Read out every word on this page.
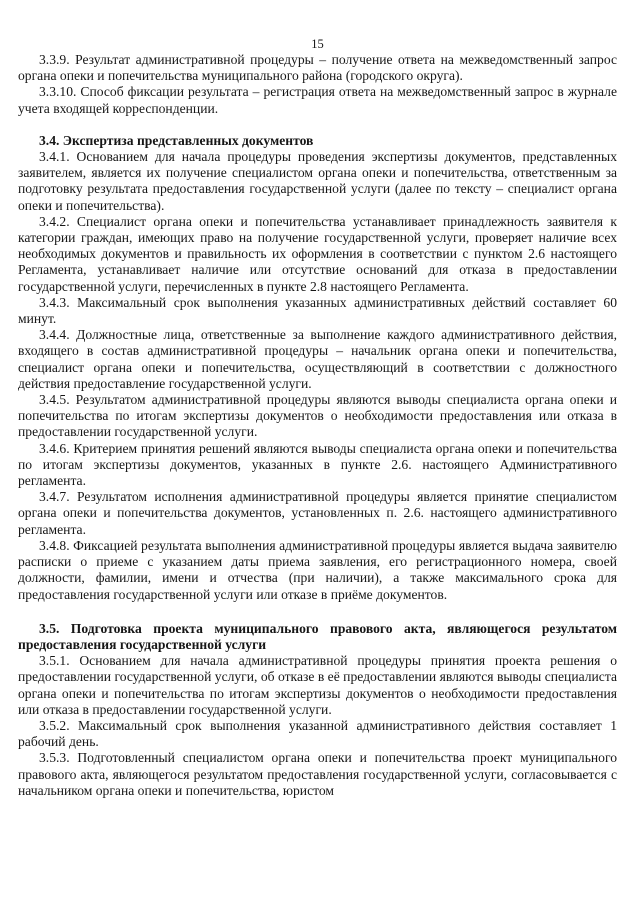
15

3.3.9. Результат административной процедуры – получение ответа на межведомственный запрос органа опеки и попечительства муниципального района (городского округа).

3.3.10. Способ фиксации результата – регистрация ответа на межведомственный запрос в журнале учета входящей корреспонденции.

3.4. Экспертиза представленных документов

3.4.1. Основанием для начала процедуры проведения экспертизы документов, представленных заявителем, является их получение специалистом органа опеки и попечительства, ответственным за подготовку результата предоставления государственной услуги (далее по тексту – специалист органа опеки и попечительства).

3.4.2. Специалист органа опеки и попечительства устанавливает принадлежность заявителя к категории граждан, имеющих право на получение государственной услуги, проверяет наличие всех необходимых документов и правильность их оформления в соответствии с пунктом 2.6 настоящего Регламента, устанавливает наличие или отсутствие оснований для отказа в предоставлении государственной услуги, перечисленных в пункте 2.8 настоящего Регламента.

3.4.3. Максимальный срок выполнения указанных административных действий составляет 60 минут.

3.4.4. Должностные лица, ответственные за выполнение каждого административного действия, входящего в состав административной процедуры – начальник органа опеки и попечительства, специалист органа опеки и попечительства, осуществляющий в соответствии с должностного действия предоставление государственной услуги.

3.4.5. Результатом административной процедуры являются выводы специалиста органа опеки и попечительства по итогам экспертизы документов о необходимости предоставления или отказа в предоставлении государственной услуги.

3.4.6. Критерием принятия решений являются выводы специалиста органа опеки и попечительства по итогам экспертизы документов, указанных в пункте 2.6. настоящего Административного регламента.

3.4.7. Результатом исполнения административной процедуры является принятие специалистом органа опеки и попечительства документов, установленных п. 2.6. настоящего административного регламента.

3.4.8. Фиксацией результата выполнения административной процедуры является выдача заявителю расписки о приеме с указанием даты приема заявления, его регистрационного номера, своей должности, фамилии, имени и отчества (при наличии), а также максимального срока для предоставления государственной услуги или отказе в приёме документов.

3.5. Подготовка проекта муниципального правового акта, являющегося результатом предоставления государственной услуги

3.5.1. Основанием для начала административной процедуры принятия проекта решения о предоставлении государственной услуги, об отказе в её предоставлении являются выводы специалиста органа опеки и попечительства по итогам экспертизы документов о необходимости предоставления или отказа в предоставлении государственной услуги.

3.5.2. Максимальный срок выполнения указанной административного действия составляет 1 рабочий день.

3.5.3. Подготовленный специалистом органа опеки и попечительства проект муниципального правового акта, являющегося результатом предоставления государственной услуги, согласовывается с начальником органа опеки и попечительства, юристом
